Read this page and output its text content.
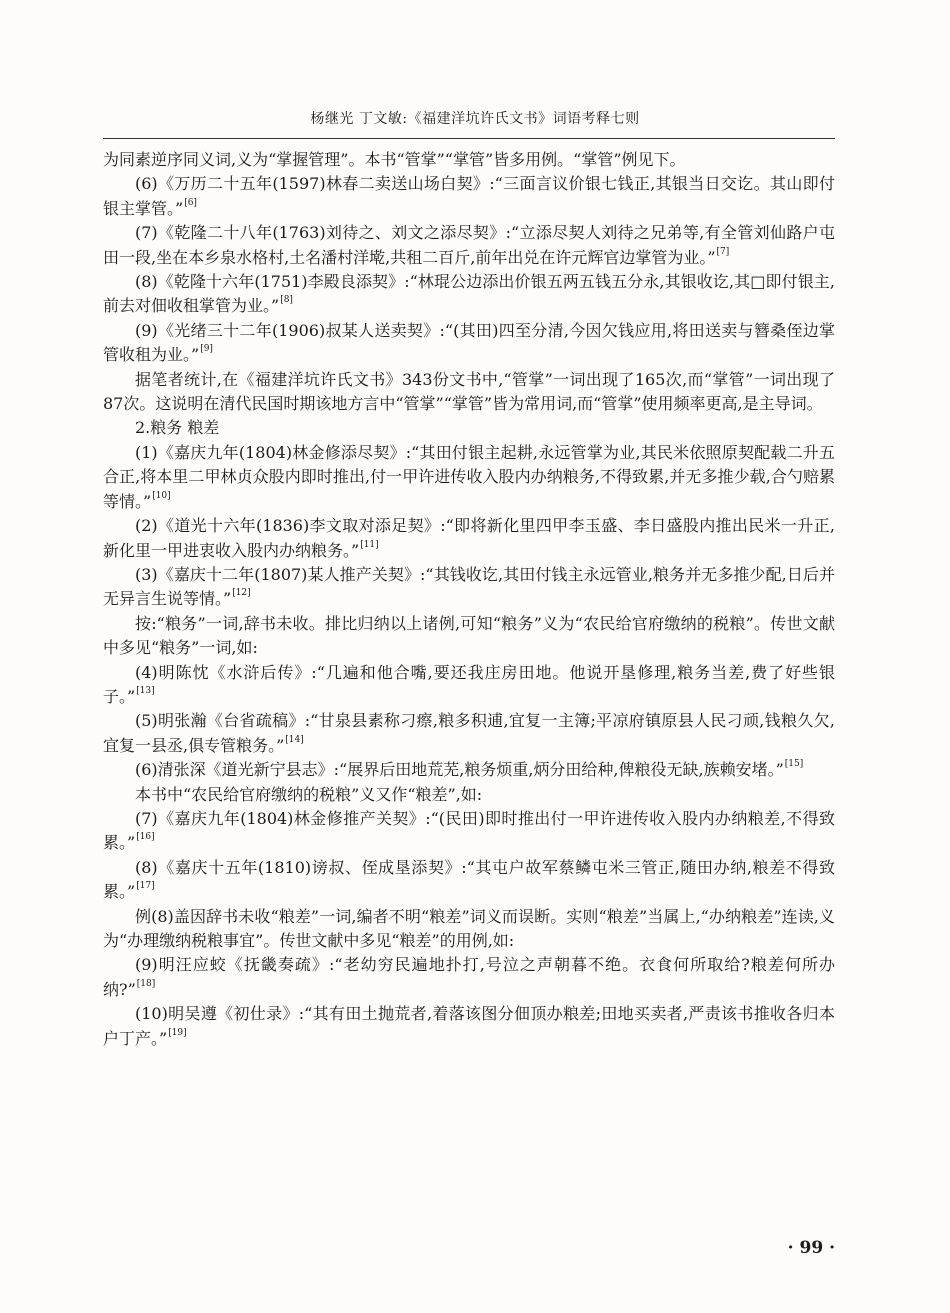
杨继光 丁文敏:《福建洋坑许氏文书》词语考释七则

为同素逆序同义词,义为“掌握管理”。本书“管掌”“掌管”皆多用例。“掌管”例见下。

(6)《万历二十五年(1597)林春二卖送山场白契》:“三面言议价银七钱正,其银当日交讫。其山即付银主掌管。”[6]

(7)《乾隆二十八年(1763)刘待之、刘文之添尽契》:“立添尽契人刘待之兄弟等,有全管刘仙路户屯田一段,坐在本乡泉水格村,土名潘村洋墘,共租二百斤,前年出兑在许元辉官边掌管为业。”[7]

(8)《乾隆十六年(1751)李殿良添契》:“林琨公边添出价银五两五钱五分永,其银收讫,其□即付银主,前去对佃收租掌管为业。”[8]

(9)《光绪三十二年(1906)叔某人送卖契》:“(其田)四至分清,今因欠钱应用,将田送卖与簪桑侄边掌管收租为业。”[9]

据笔者统计,在《福建洋坑许氏文书》343份文书中,“管掌”一词出现了165次,而“掌管”一词出现了87次。这说明在清代民国时期该地方言中“管掌”“掌管”皆为常用词,而“管掌”使用频率更高,是主导词。

2.粮务 粮差

(1)《嘉庆九年(1804)林金修添尽契》:“其田付银主起耕,永远管掌为业,其民米依照原契配载二升五合正,将本里二甲林贞众股内即时推出,付一甲许进传收入股内办纳粮务,不得致累,并无多推少载,合勺赔累等情。”[10]

(2)《道光十六年(1836)李文取对添足契》:“即将新化里四甲李玉盛、李日盛股内推出民米一升正,新化里一甲进衷收入股内办纳粮务。”[11]

(3)《嘉庆十二年(1807)某人推产关契》:“其钱收讫,其田付钱主永远管业,粮务并无多推少配,日后并无异言生说等情。”[12]

按:“粮务”一词,辞书未收。排比归纳以上诸例,可知“粮务”义为“农民给官府缴纳的税粮”。传世文献中多见“粮务”一词,如:

(4)明陈忱《水浒后传》:“几遍和他合嘴,要还我庄房田地。他说开垦修理,粮务当差,费了好些银子。”[13]

(5)明张瀚《台省疏稿》:“甘泉县素称刁瘵,粮多积逋,宜复一主簿;平凉府镇原县人民刁顽,钱粮久欠,宜复一县丞,俱专管粮务。”[14]

(6)清张深《道光新宁县志》:“展界后田地荒芜,粮务烦重,炳分田给种,俾粮役无缺,族赖安堵。”[15]

本书中“农民给官府缴纳的税粮”义又作“粮差”,如:

(7)《嘉庆九年(1804)林金修推产关契》:“(民田)即时推出付一甲许进传收入股内办纳粮差,不得致累。”[16]

(8)《嘉庆十五年(1810)谤叔、侄成垦添契》:“其屯户故军蔡鳞屯米三管正,随田办纳,粮差不得致累。”[17]

例(8)盖因辞书未收“粮差”一词,编者不明“粮差”词义而误断。实则“粮差”当属上,“办纳粮差”连读,义为“办理缴纳税粮事宜”。传世文献中多见“粮差”的用例,如:

(9)明汪应蛟《抚畿奏疏》:“老幼穷民遍地扑打,号泣之声朝暮不绝。衣食何所取给?粮差何所办纳?”[18]

(10)明吴遵《初仕录》:“其有田土抛荒者,着落该图分佃顶办粮差;田地买卖者,严责该书推收各归本户丁产。”[19]

· 99 ·
